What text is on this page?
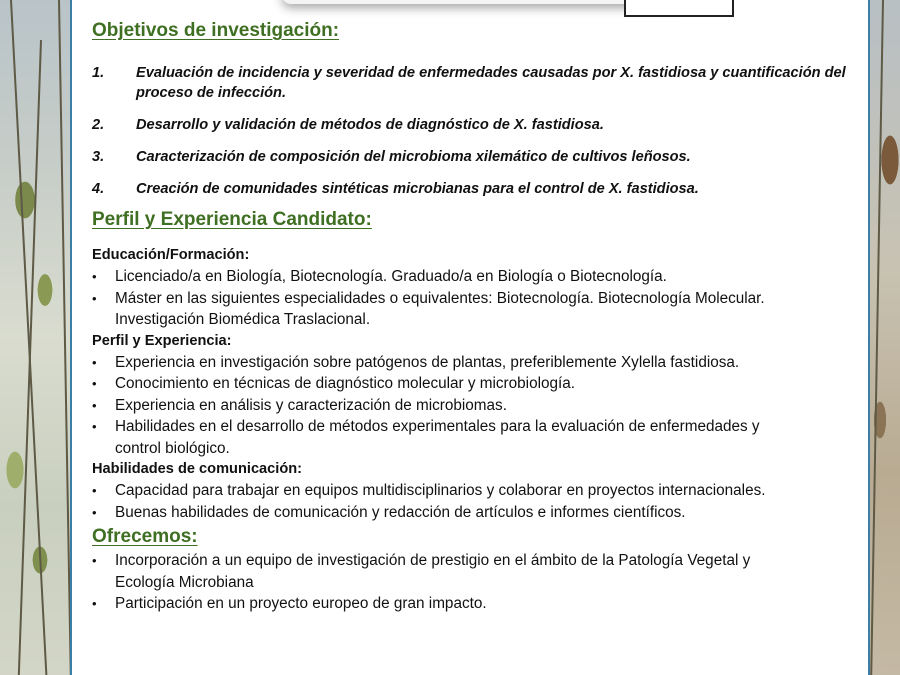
Objetivos de investigación:
1.	Evaluación de incidencia y severidad de enfermedades causadas por X. fastidiosa y cuantificación del proceso de infección.
2.	Desarrollo y validación de métodos de diagnóstico de X. fastidiosa.
3.	Caracterización de composición del microbioma xilemático de cultivos leñosos.
4.	Creación de comunidades sintéticas microbianas para el control de X. fastidiosa.
Perfil y Experiencia Candidato:
Educación/Formación:
•	Licenciado/a en Biología, Biotecnología. Graduado/a en Biología o Biotecnología.
•	Máster en las siguientes especialidades o equivalentes: Biotecnología. Biotecnología Molecular. Investigación Biomédica Traslacional.
Perfil y Experiencia:
•	Experiencia en investigación sobre patógenos de plantas, preferiblemente Xylella fastidiosa.
•	Conocimiento en técnicas de diagnóstico molecular y microbiología.
•	Experiencia en análisis y caracterización de microbiomas.
•	Habilidades en el desarrollo de métodos experimentales para la evaluación de enfermedades y control biológico.
Habilidades de comunicación:
•	Capacidad para trabajar en equipos multidisciplinarios y colaborar en proyectos internacionales.
•	Buenas habilidades de comunicación y redacción de artículos e informes científicos.
Ofrecemos:
•	Incorporación a un equipo de investigación de prestigio en el ámbito de la Patología Vegetal y Ecología Microbiana
•	Participación en un proyecto europeo de gran impacto.
